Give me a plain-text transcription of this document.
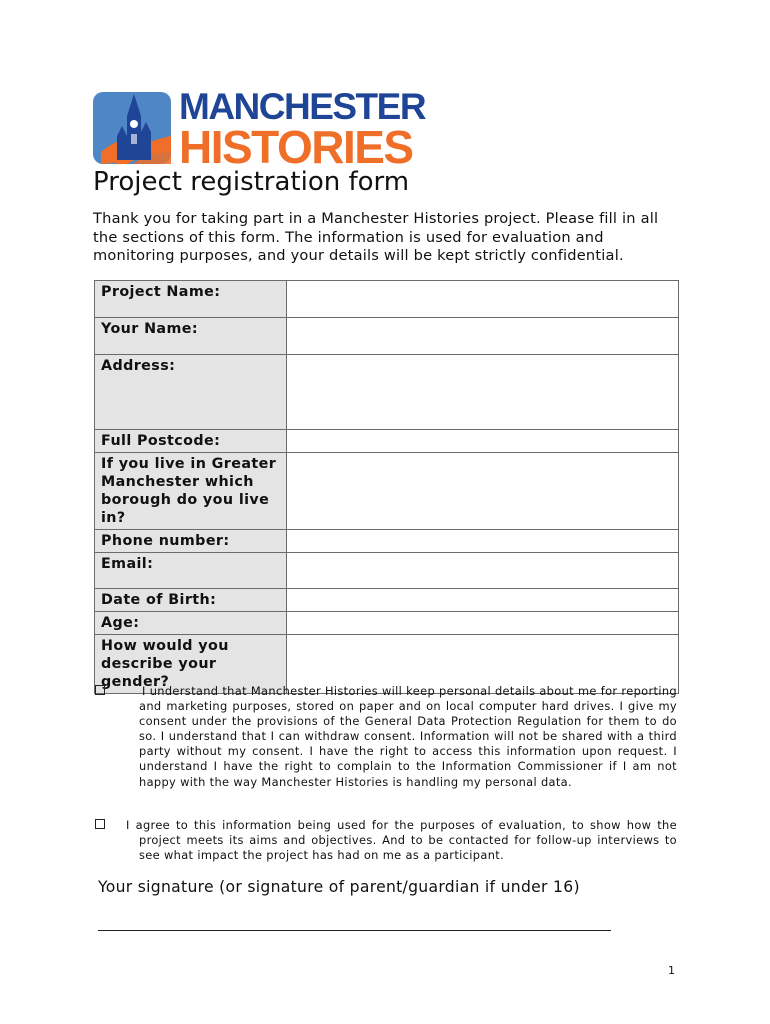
MANCHESTER
HISTORIES
Project registration form

Thank you for taking part in a Manchester Histories project. Please fill in all the sections of this form. The information is used for evaluation and monitoring purposes, and your details will be kept strictly confidential.

Project Name:	
Your Name:	
Address:	
Full Postcode:	
If you live in Greater Manchester which borough do you live in?	
Phone number:	
Email:	
Date of Birth:	
Age:	
How would you describe your gender?	
I understand that Manchester Histories will keep personal details about me for reporting and marketing purposes, stored on paper and on local computer hard drives. I give my consent under the provisions of the General Data Protection Regulation for them to do so. I understand that I can withdraw consent. Information will not be shared with a third party without my consent. I have the right to access this information upon request. I understand I have the right to complain to the Information Commissioner if I am not happy with the way Manchester Histories is handling my personal data.
I agree to this information being used for the purposes of evaluation, to show how the project meets its aims and objectives. And to be contacted for follow-up interviews to see what impact the project has had on me as a participant.
Your signature (or signature of parent/guardian if under 16)
1
